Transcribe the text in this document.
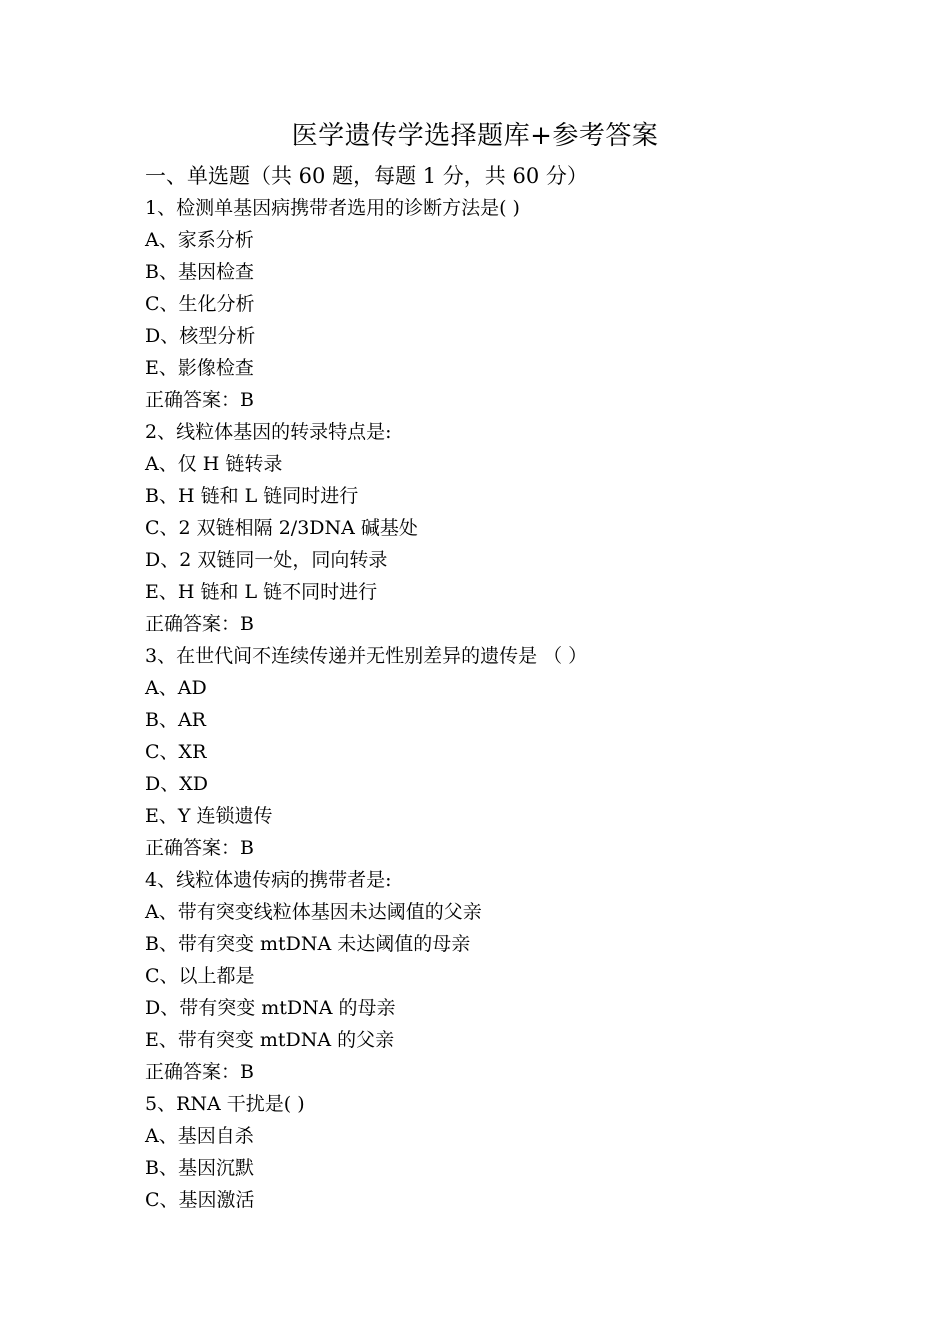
医学遗传学选择题库+参考答案
一、单选题（共 60 题，每题 1 分，共 60 分）
1、检测单基因病携带者选用的诊断方法是( )
A、家系分析
B、基因检查
C、生化分析
D、核型分析
E、影像检查
正确答案：B
2、线粒体基因的转录特点是:
A、仅 H 链转录
B、H 链和 L 链同时进行
C、2 双链相隔 2/3DNA 碱基处
D、2 双链同一处，同向转录
E、H 链和 L 链不同时进行
正确答案：B
3、在世代间不连续传递并无性别差异的遗传是 （ ）
A、AD
B、AR
C、XR
D、XD
E、Y 连锁遗传
正确答案：B
4、线粒体遗传病的携带者是:
A、带有突变线粒体基因未达阈值的父亲
B、带有突变 mtDNA 未达阈值的母亲
C、以上都是
D、带有突变 mtDNA 的母亲
E、带有突变 mtDNA 的父亲
正确答案：B
5、RNA 干扰是( )
A、基因自杀
B、基因沉默
C、基因激活
